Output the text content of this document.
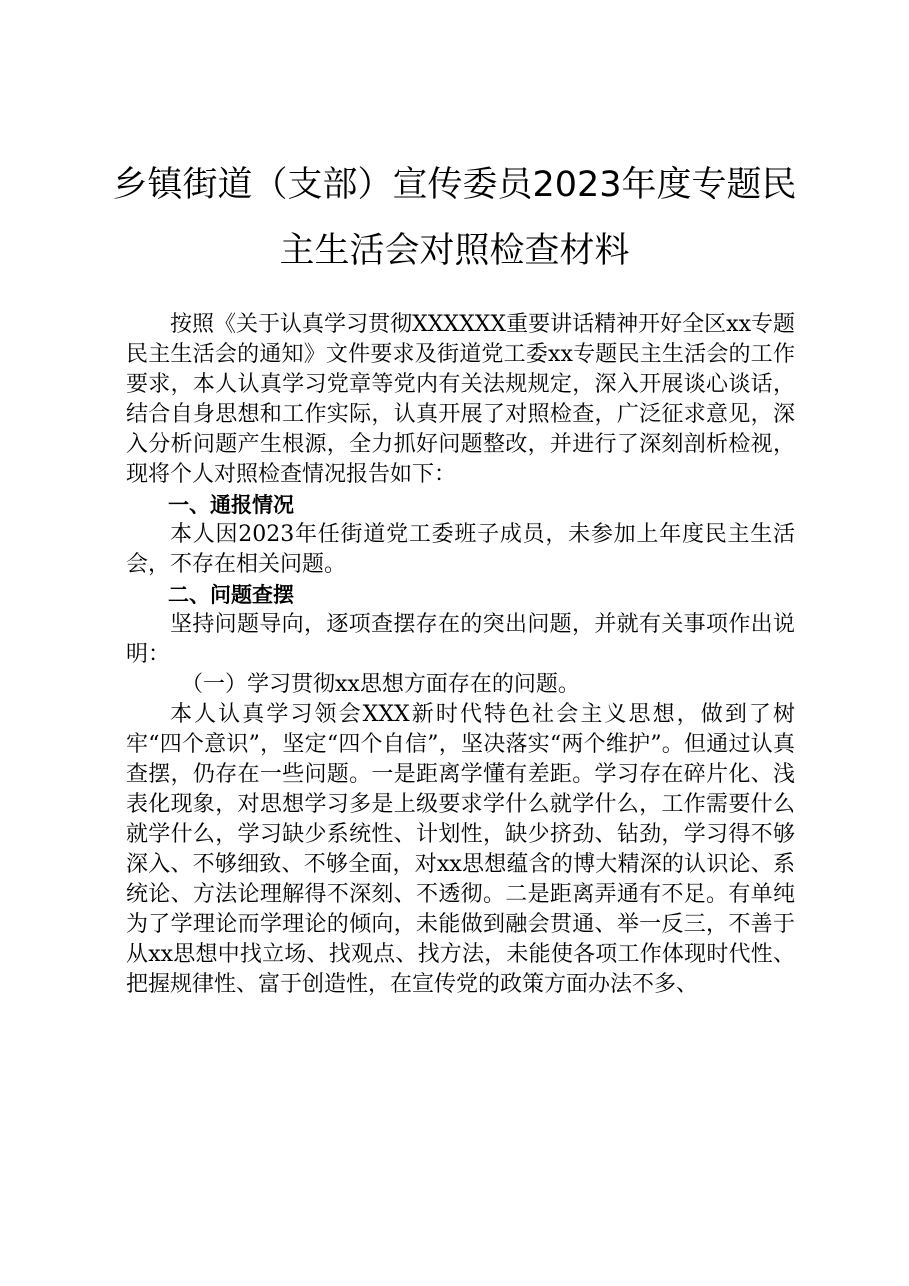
乡镇街道（支部）宣传委员2023年度专题民
主生活会对照检查材料

按照《关于认真学习贯彻XXXXXX重要讲话精神开好全区xx专题民主生活会的通知》文件要求及街道党工委xx专题民主生活会的工作要求，本人认真学习党章等党内有关法规规定，深入开展谈心谈话，结合自身思想和工作实际，认真开展了对照检查，广泛征求意见，深入分析问题产生根源，全力抓好问题整改，并进行了深刻剖析检视，现将个人对照检查情况报告如下：

一、通报情况

本人因2023年任街道党工委班子成员，未参加上年度民主生活会，不存在相关问题。

二、问题查摆

坚持问题导向，逐项查摆存在的突出问题，并就有关事项作出说明：

（一）学习贯彻xx思想方面存在的问题。

本人认真学习领会XXX新时代特色社会主义思想，做到了树牢“四个意识”，坚定“四个自信”，坚决落实“两个维护”。但通过认真查摆，仍存在一些问题。一是距离学懂有差距。学习存在碎片化、浅表化现象，对思想学习多是上级要求学什么就学什么，工作需要什么就学什么，学习缺少系统性、计划性，缺少挤劲、钻劲，学习得不够深入、不够细致、不够全面，对xx思想蕴含的博大精深的认识论、系统论、方法论理解得不深刻、不透彻。二是距离弄通有不足。有单纯为了学理论而学理论的倾向，未能做到融会贯通、举一反三，不善于从xx思想中找立场、找观点、找方法，未能使各项工作体现时代性、把握规律性、富于创造性，在宣传党的政策方面办法不多、
